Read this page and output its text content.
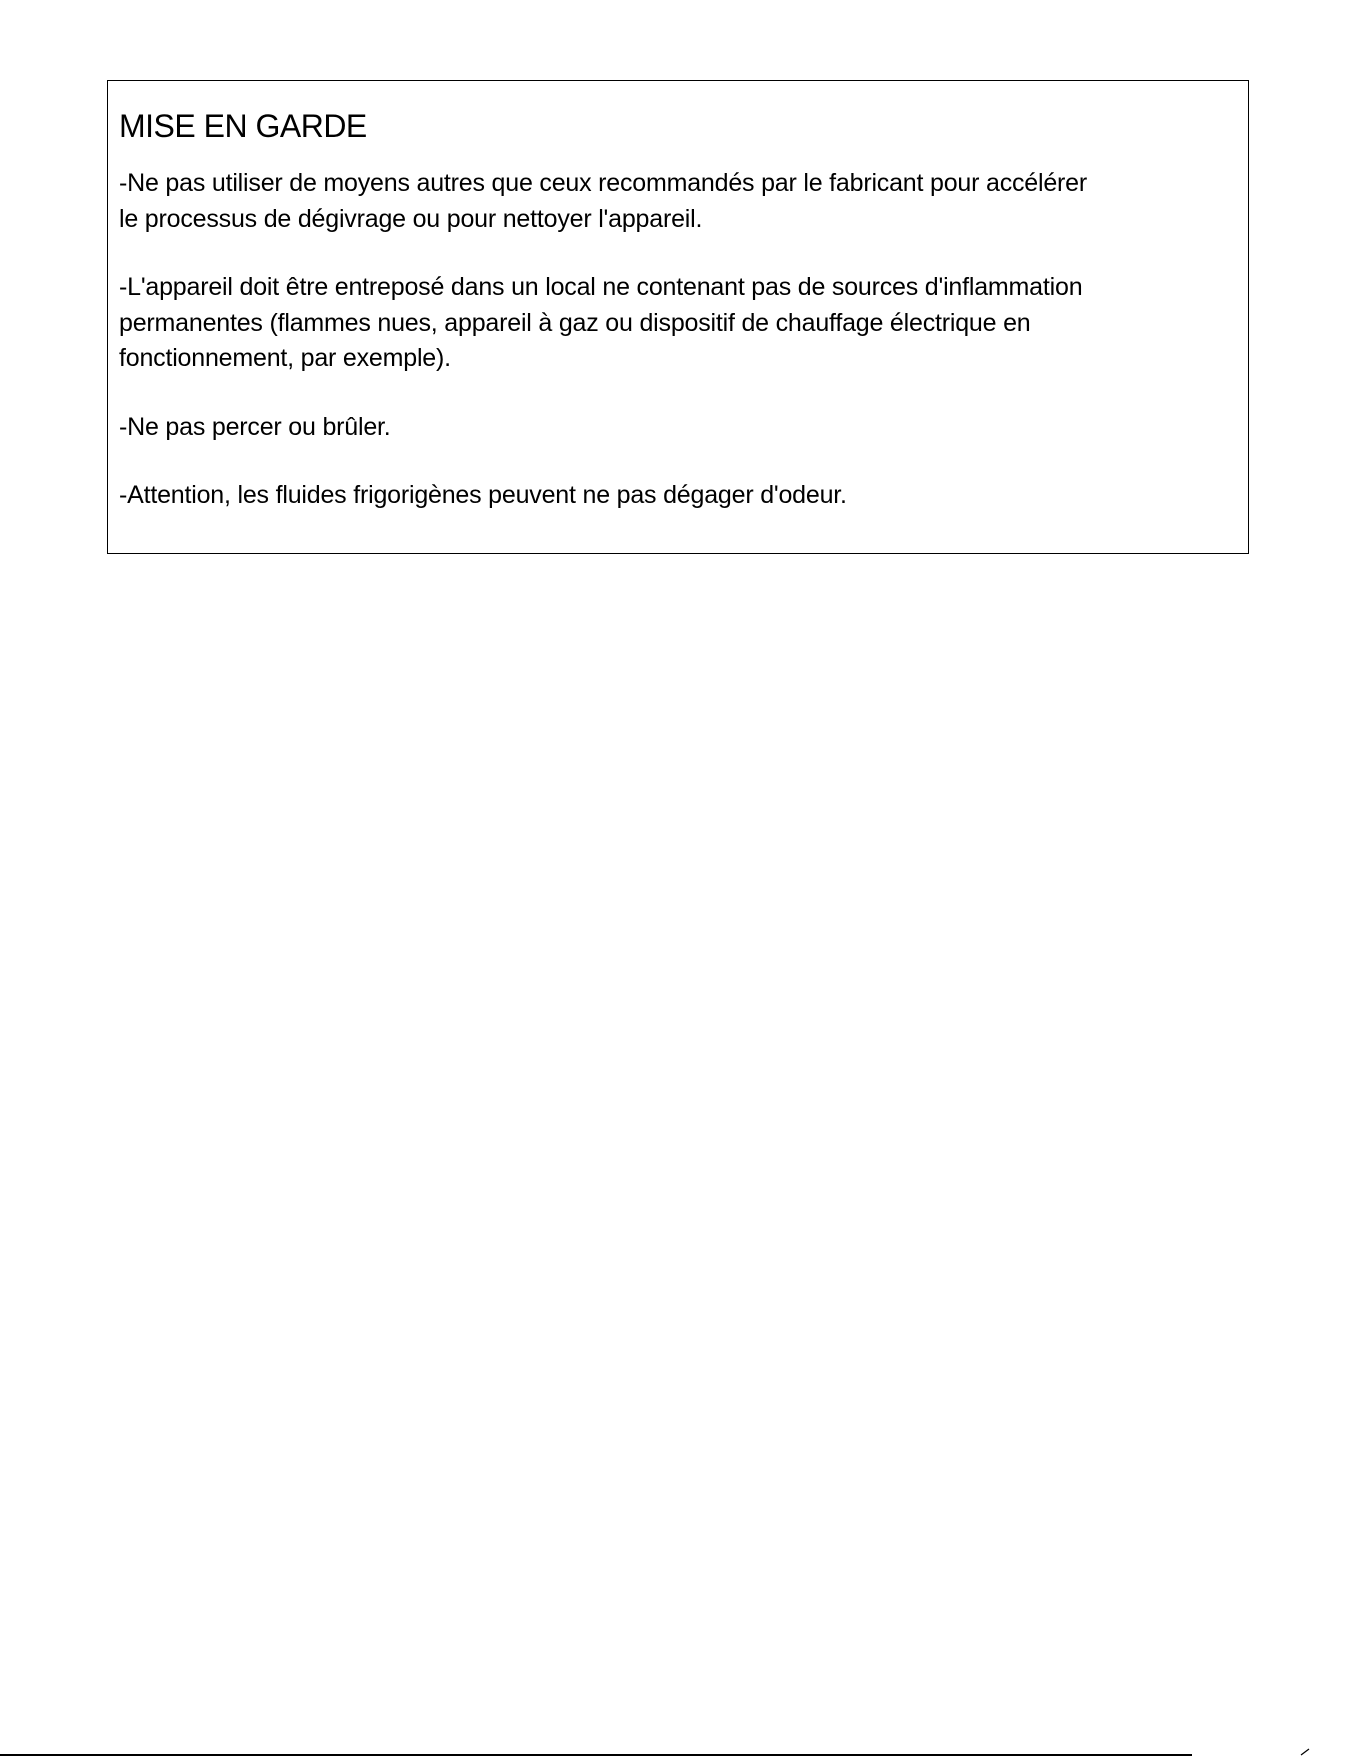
MISE EN GARDE

-Ne pas utiliser de moyens autres que ceux recommandés par le fabricant pour accélérer
le processus de dégivrage ou pour nettoyer l'appareil.

-L'appareil doit être entreposé dans un local ne contenant pas de sources d'inflammation
permanentes (flammes nues, appareil à gaz ou dispositif de chauffage électrique en
fonctionnement, par exemple).

-Ne pas percer ou brûler.

-Attention, les fluides frigorigènes peuvent ne pas dégager d'odeur.
